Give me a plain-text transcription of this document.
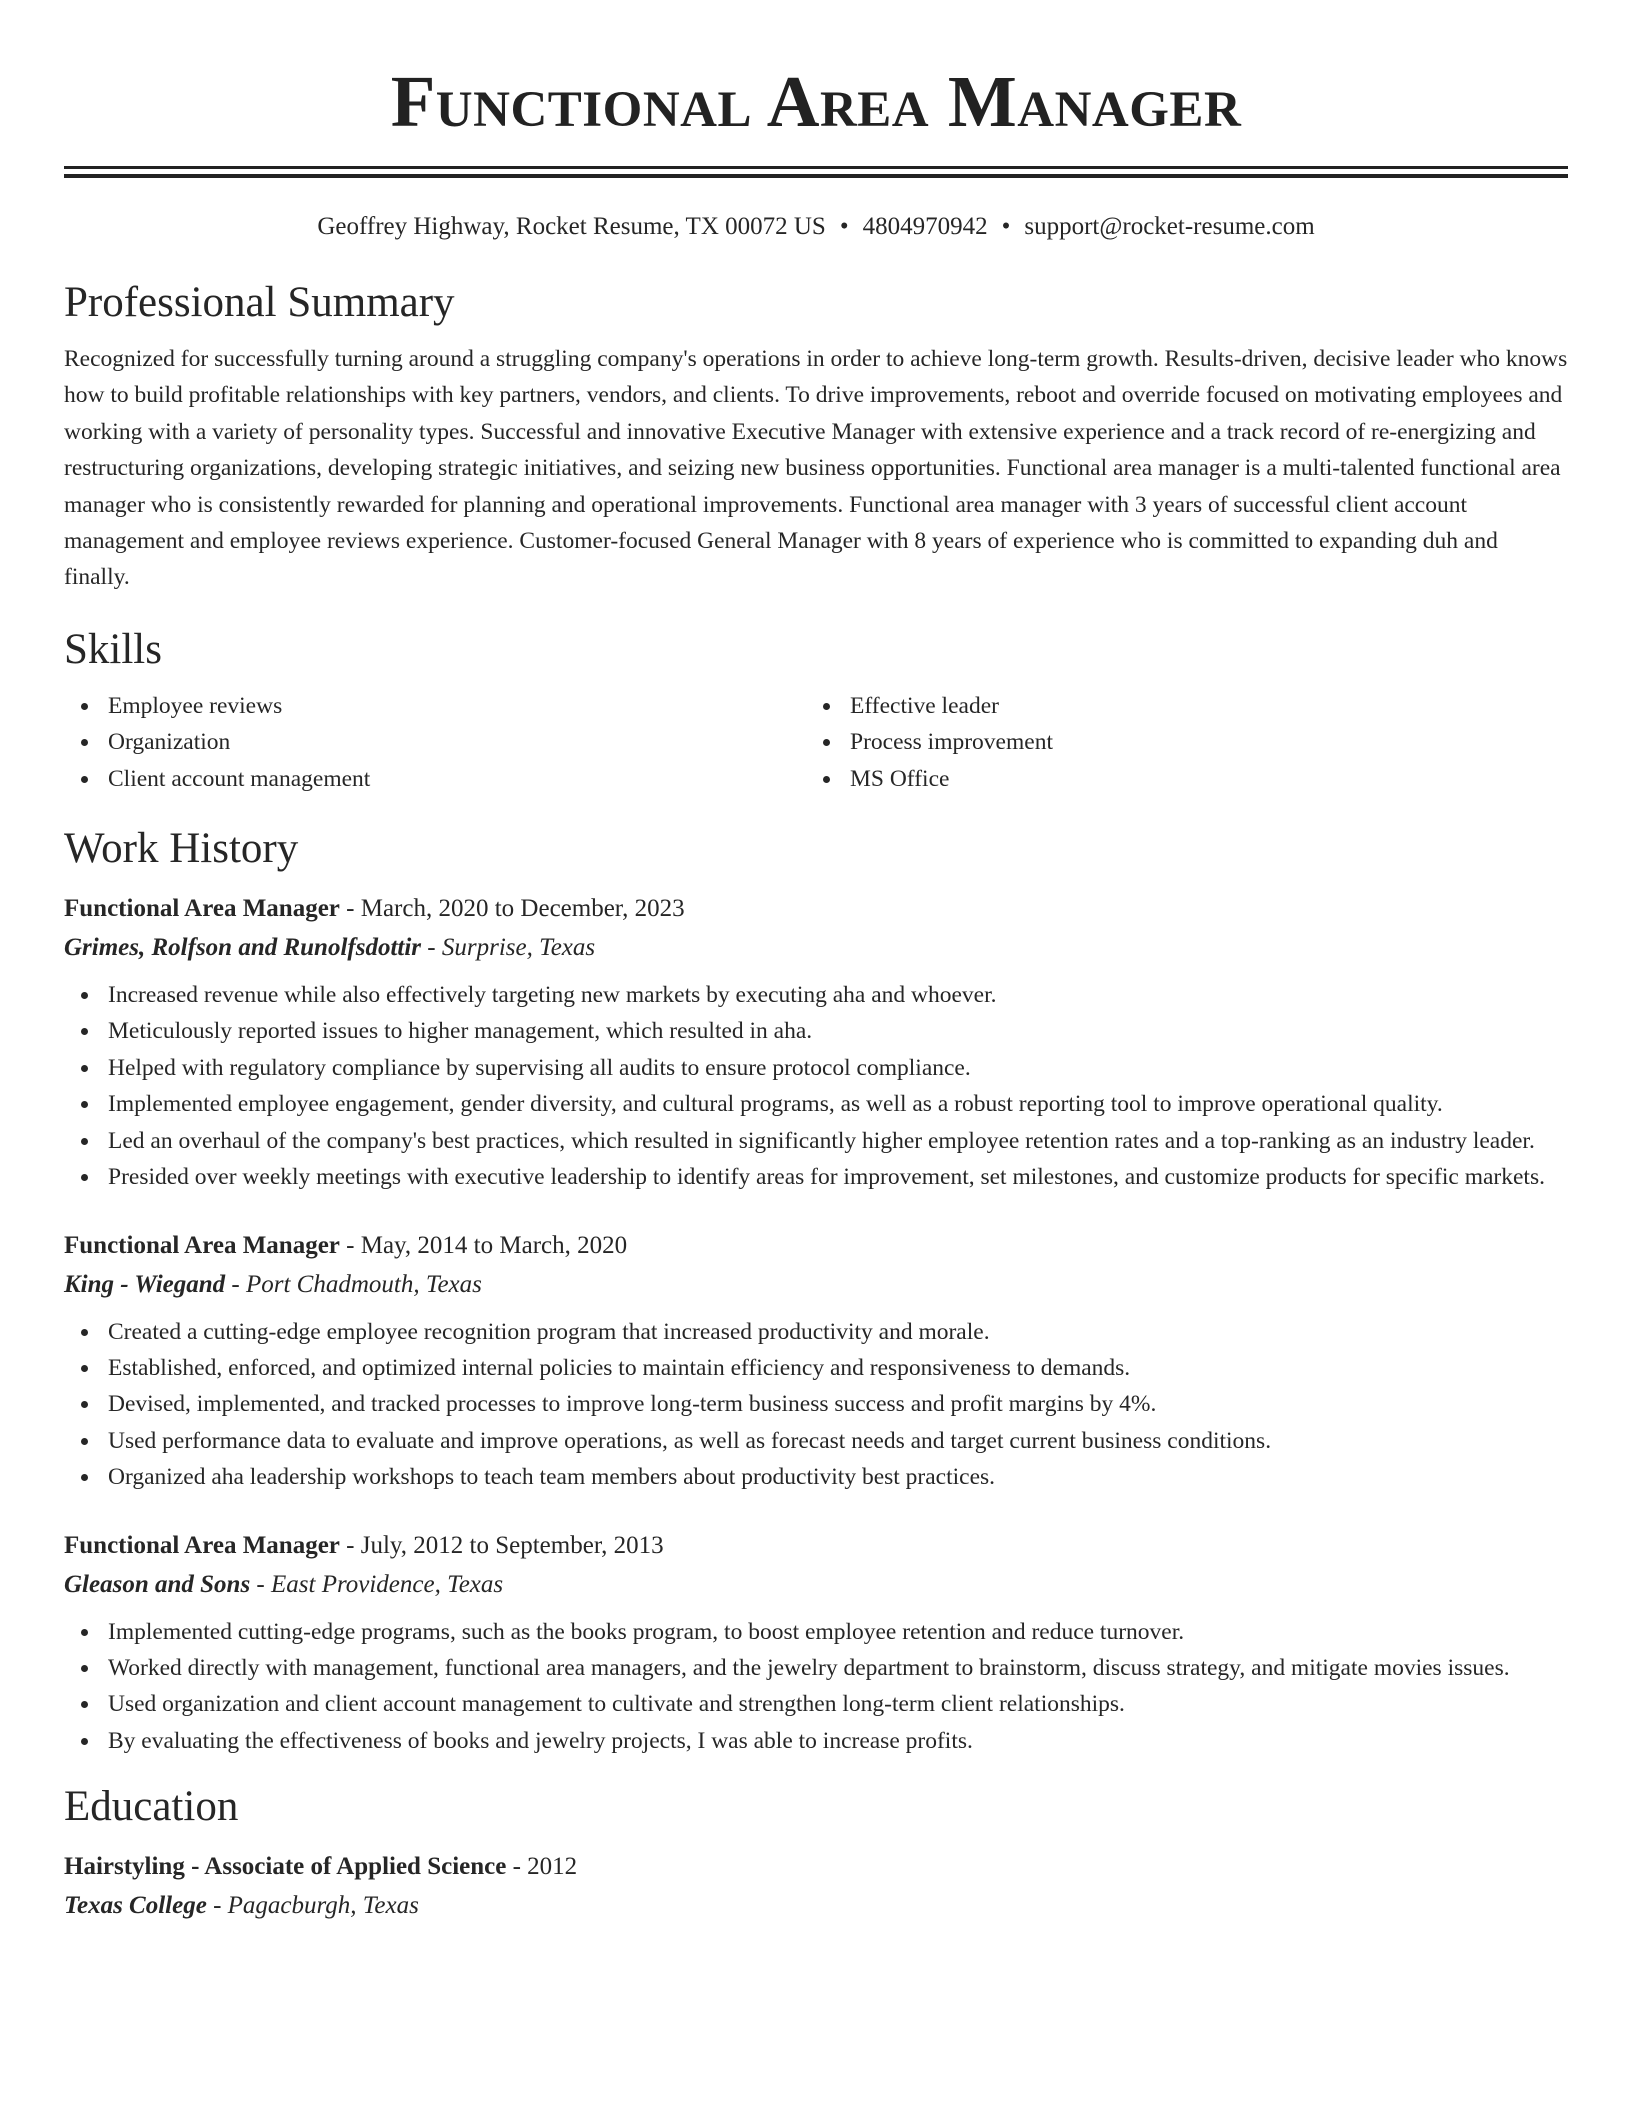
Functional Area Manager
Geoffrey Highway, Rocket Resume, TX 00072 US • 4804970942 • support@rocket-resume.com
Professional Summary
Recognized for successfully turning around a struggling company's operations in order to achieve long-term growth. Results-driven, decisive leader who knows how to build profitable relationships with key partners, vendors, and clients. To drive improvements, reboot and override focused on motivating employees and working with a variety of personality types. Successful and innovative Executive Manager with extensive experience and a track record of re-energizing and restructuring organizations, developing strategic initiatives, and seizing new business opportunities. Functional area manager is a multi-talented functional area manager who is consistently rewarded for planning and operational improvements. Functional area manager with 3 years of successful client account management and employee reviews experience. Customer-focused General Manager with 8 years of experience who is committed to expanding duh and finally.
Skills
Employee reviews
Organization
Client account management
Effective leader
Process improvement
MS Office
Work History
Functional Area Manager - March, 2020 to December, 2023
Grimes, Rolfson and Runolfsdottir - Surprise, Texas
Increased revenue while also effectively targeting new markets by executing aha and whoever.
Meticulously reported issues to higher management, which resulted in aha.
Helped with regulatory compliance by supervising all audits to ensure protocol compliance.
Implemented employee engagement, gender diversity, and cultural programs, as well as a robust reporting tool to improve operational quality.
Led an overhaul of the company's best practices, which resulted in significantly higher employee retention rates and a top-ranking as an industry leader.
Presided over weekly meetings with executive leadership to identify areas for improvement, set milestones, and customize products for specific markets.
Functional Area Manager - May, 2014 to March, 2020
King - Wiegand - Port Chadmouth, Texas
Created a cutting-edge employee recognition program that increased productivity and morale.
Established, enforced, and optimized internal policies to maintain efficiency and responsiveness to demands.
Devised, implemented, and tracked processes to improve long-term business success and profit margins by 4%.
Used performance data to evaluate and improve operations, as well as forecast needs and target current business conditions.
Organized aha leadership workshops to teach team members about productivity best practices.
Functional Area Manager - July, 2012 to September, 2013
Gleason and Sons - East Providence, Texas
Implemented cutting-edge programs, such as the books program, to boost employee retention and reduce turnover.
Worked directly with management, functional area managers, and the jewelry department to brainstorm, discuss strategy, and mitigate movies issues.
Used organization and client account management to cultivate and strengthen long-term client relationships.
By evaluating the effectiveness of books and jewelry projects, I was able to increase profits.
Education
Hairstyling - Associate of Applied Science - 2012
Texas College - Pagacburgh, Texas
